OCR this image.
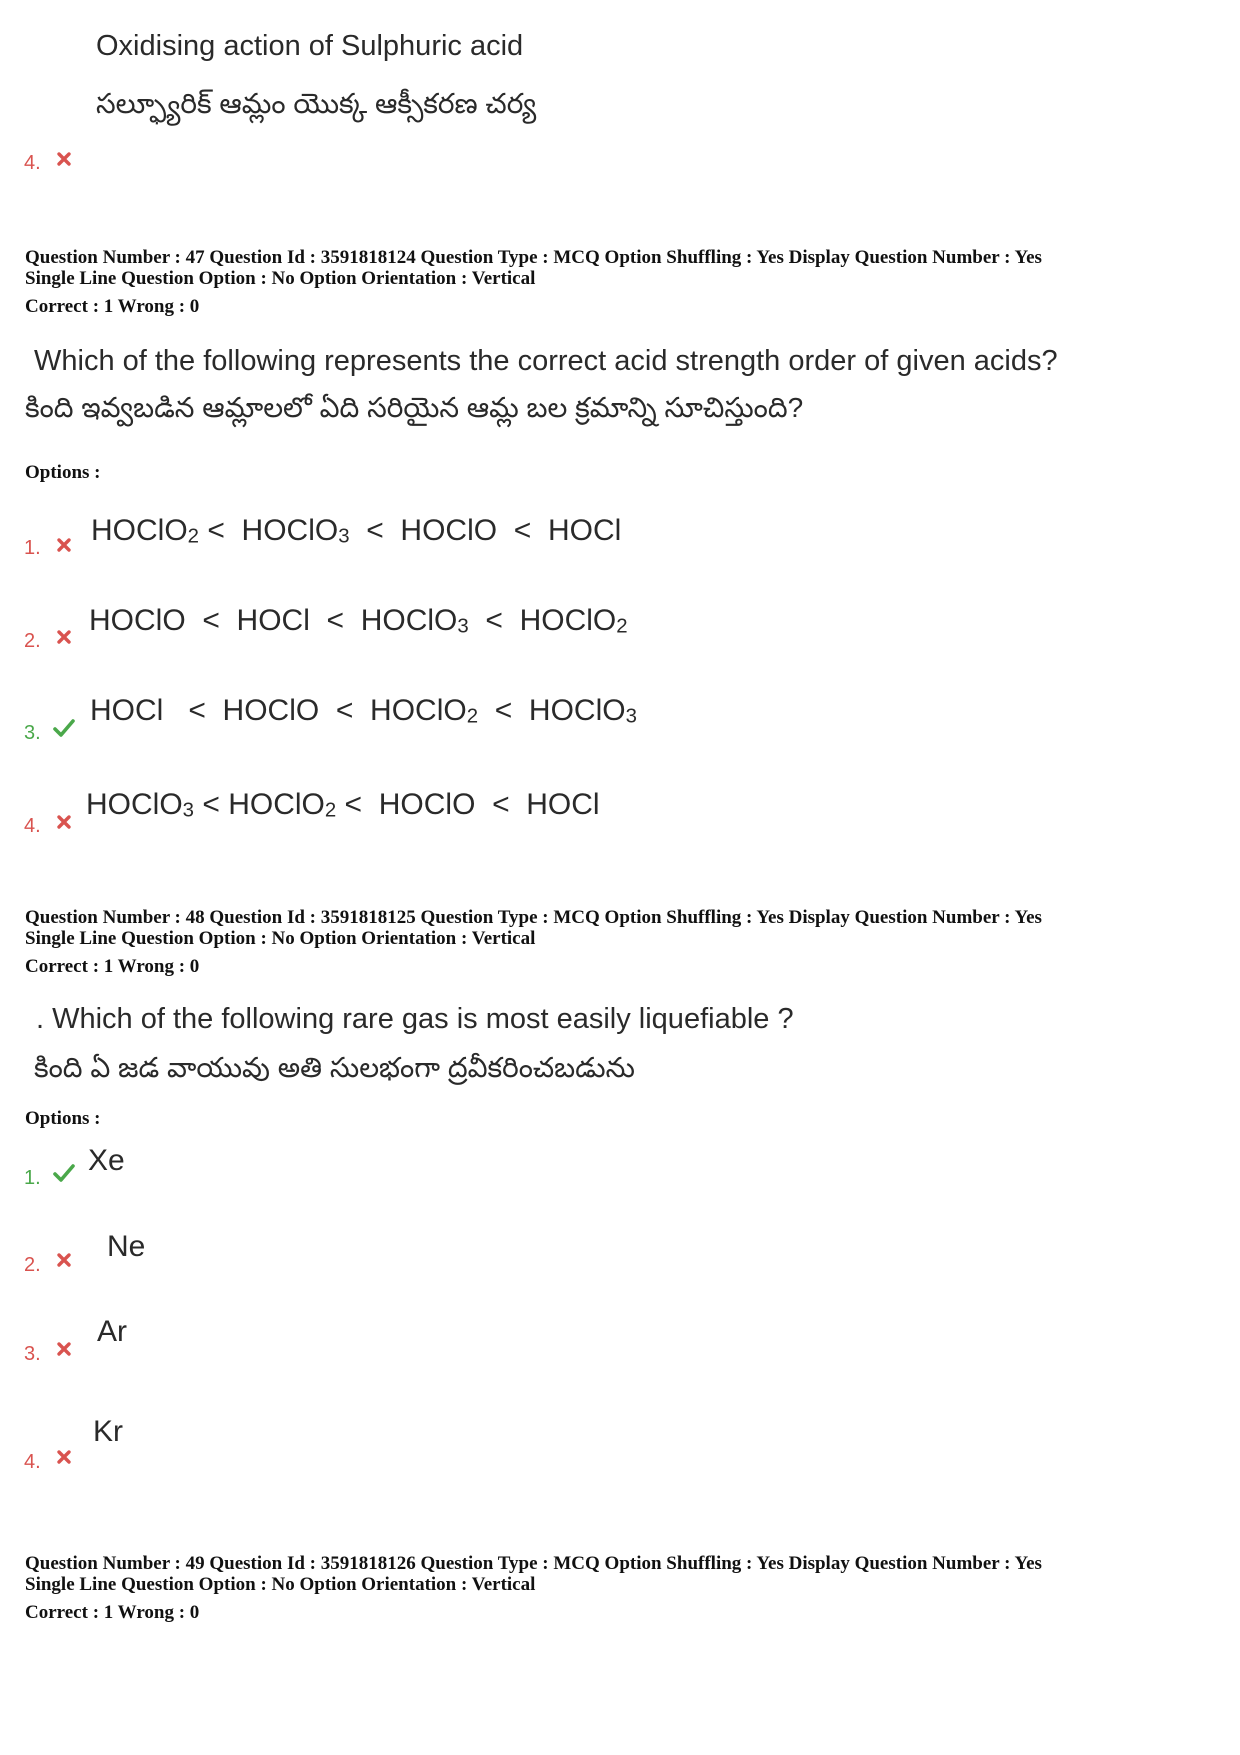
Oxidising action of Sulphuric acid
సల్ఫ్యూరిక్ ఆమ్లం యొక్క ఆక్సీకరణ చర్య
4.
Question Number : 47 Question Id : 3591818124 Question Type : MCQ Option Shuffling : Yes Display Question Number : Yes
Single Line Question Option : No Option Orientation : Vertical
Correct : 1 Wrong : 0
Which of the following represents the correct acid strength order of given acids?
కింది ఇవ్వబడిన ఆమ్లాలలో ఏది సరియైన ఆమ్ల బల క్రమాన్ని సూచిస్తుంది?
Options :
1.
HOClO$_2$ <  HOClO$_3$  <  HOClO  <  HOCl
2.
HOClO  <  HOCl  <  HOClO$_3$  <  HOClO$_2$
3.
HOCl   <  HOClO  <  HOClO$_2$  <  HOClO$_3$
4.
HOClO$_3$ < HOClO$_2$ <  HOClO  <  HOCl
Question Number : 48 Question Id : 3591818125 Question Type : MCQ Option Shuffling : Yes Display Question Number : Yes
Single Line Question Option : No Option Orientation : Vertical
Correct : 1 Wrong : 0
. Which of the following rare gas is most easily liquefiable ?
కింది ఏ జడ వాయువు అతి సులభంగా ద్రవీకరించబడును
Options :
1.
Xe
2.
Ne
3.
Ar
4.
Kr
Question Number : 49 Question Id : 3591818126 Question Type : MCQ Option Shuffling : Yes Display Question Number : Yes
Single Line Question Option : No Option Orientation : Vertical
Correct : 1 Wrong : 0
